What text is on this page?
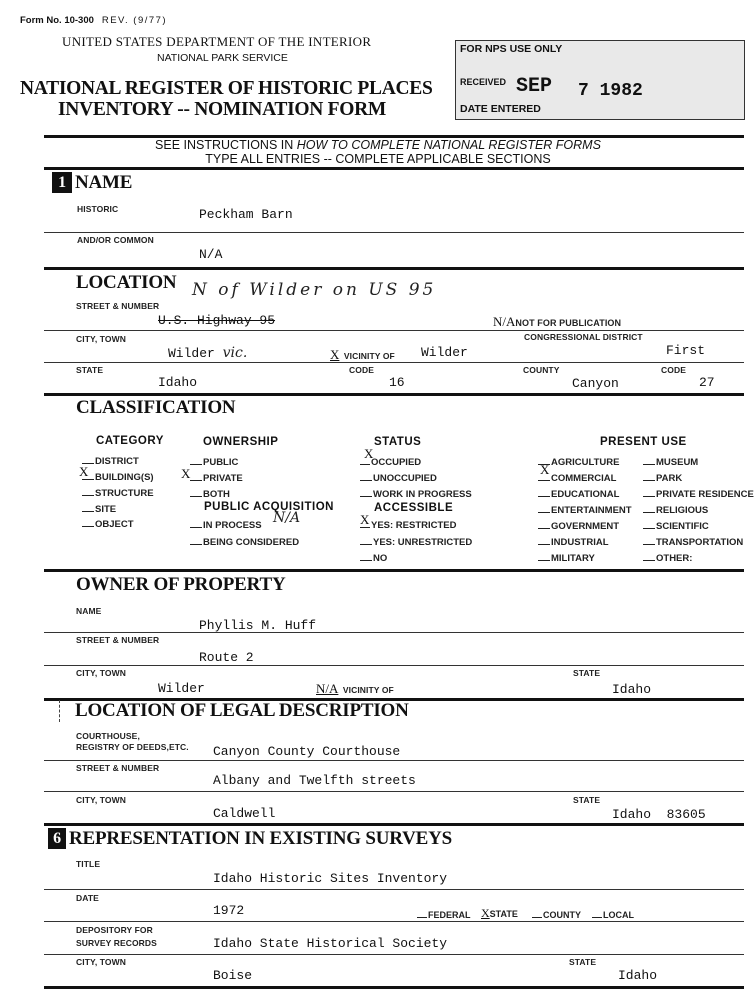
Form No. 10-300 REV. (9/77)
UNITED STATES DEPARTMENT OF THE INTERIOR
NATIONAL PARK SERVICE
NATIONAL REGISTER OF HISTORIC PLACES
INVENTORY -- NOMINATION FORM
FOR NPS USE ONLY
RECEIVED SEP 7 1982
DATE ENTERED
SEE INSTRUCTIONS IN HOW TO COMPLETE NATIONAL REGISTER FORMS
TYPE ALL ENTRIES -- COMPLETE APPLICABLE SECTIONS
1 NAME
HISTORIC	Peckham Barn
AND/OR COMMON
N/A
LOCATION N of Wilder on US 95
STREET & NUMBER
U.S. Highway 95	N/ANOT FOR PUBLICATION
CITY, TOWN	CONGRESSIONAL DISTRICT
Wilder vic.	X VICINITY OF Wilder	First
STATE	CODE	COUNTY	CODE
Idaho	16	Canyon	27
CLASSIFICATION
CATEGORY
DISTRICT
X BUILDING(S)
STRUCTURE
SITE
OBJECT
OWNERSHIP
PUBLIC
X	PRIVATE
BOTH
PUBLIC ACQUISITION
IN PROCESS N/A
BEING CONSIDERED
STATUS
X
OCCUPIED
UNOCCUPIED
WORK IN PROGRESS
ACCESSIBLE
X YES: RESTRICTED
YES: UNRESTRICTED
NO
PRESENT USE
AGRICULTURE
X
COMMERCIAL
EDUCATIONAL
ENTERTAINMENT
GOVERNMENT
INDUSTRIAL
MILITARY
MUSEUM
PARK
PRIVATE RESIDENCE
RELIGIOUS
SCIENTIFIC
TRANSPORTATION
OTHER:
OWNER OF PROPERTY
NAME
Phyllis M. Huff
STREET & NUMBER
Route 2
CITY, TOWN	STATE
Wilder	N/A VICINITY OF	Idaho
LOCATION OF LEGAL DESCRIPTION
COURTHOUSE,
REGISTRY OF DEEDS,ETC. Canyon County Courthouse
STREET & NUMBER
Albany and Twelfth streets
CITY, TOWN	STATE
Caldwell	Idaho 83605
6 REPRESENTATION IN EXISTING SURVEYS
TITLE
Idaho Historic Sites Inventory
DATE
1972	FEDERAL XSTATE	COUNTY	LOCAL
DEPOSITORY FOR
SURVEY RECORDS	Idaho State Historical Society
CITY, TOWN	STATE
Boise	Idaho
